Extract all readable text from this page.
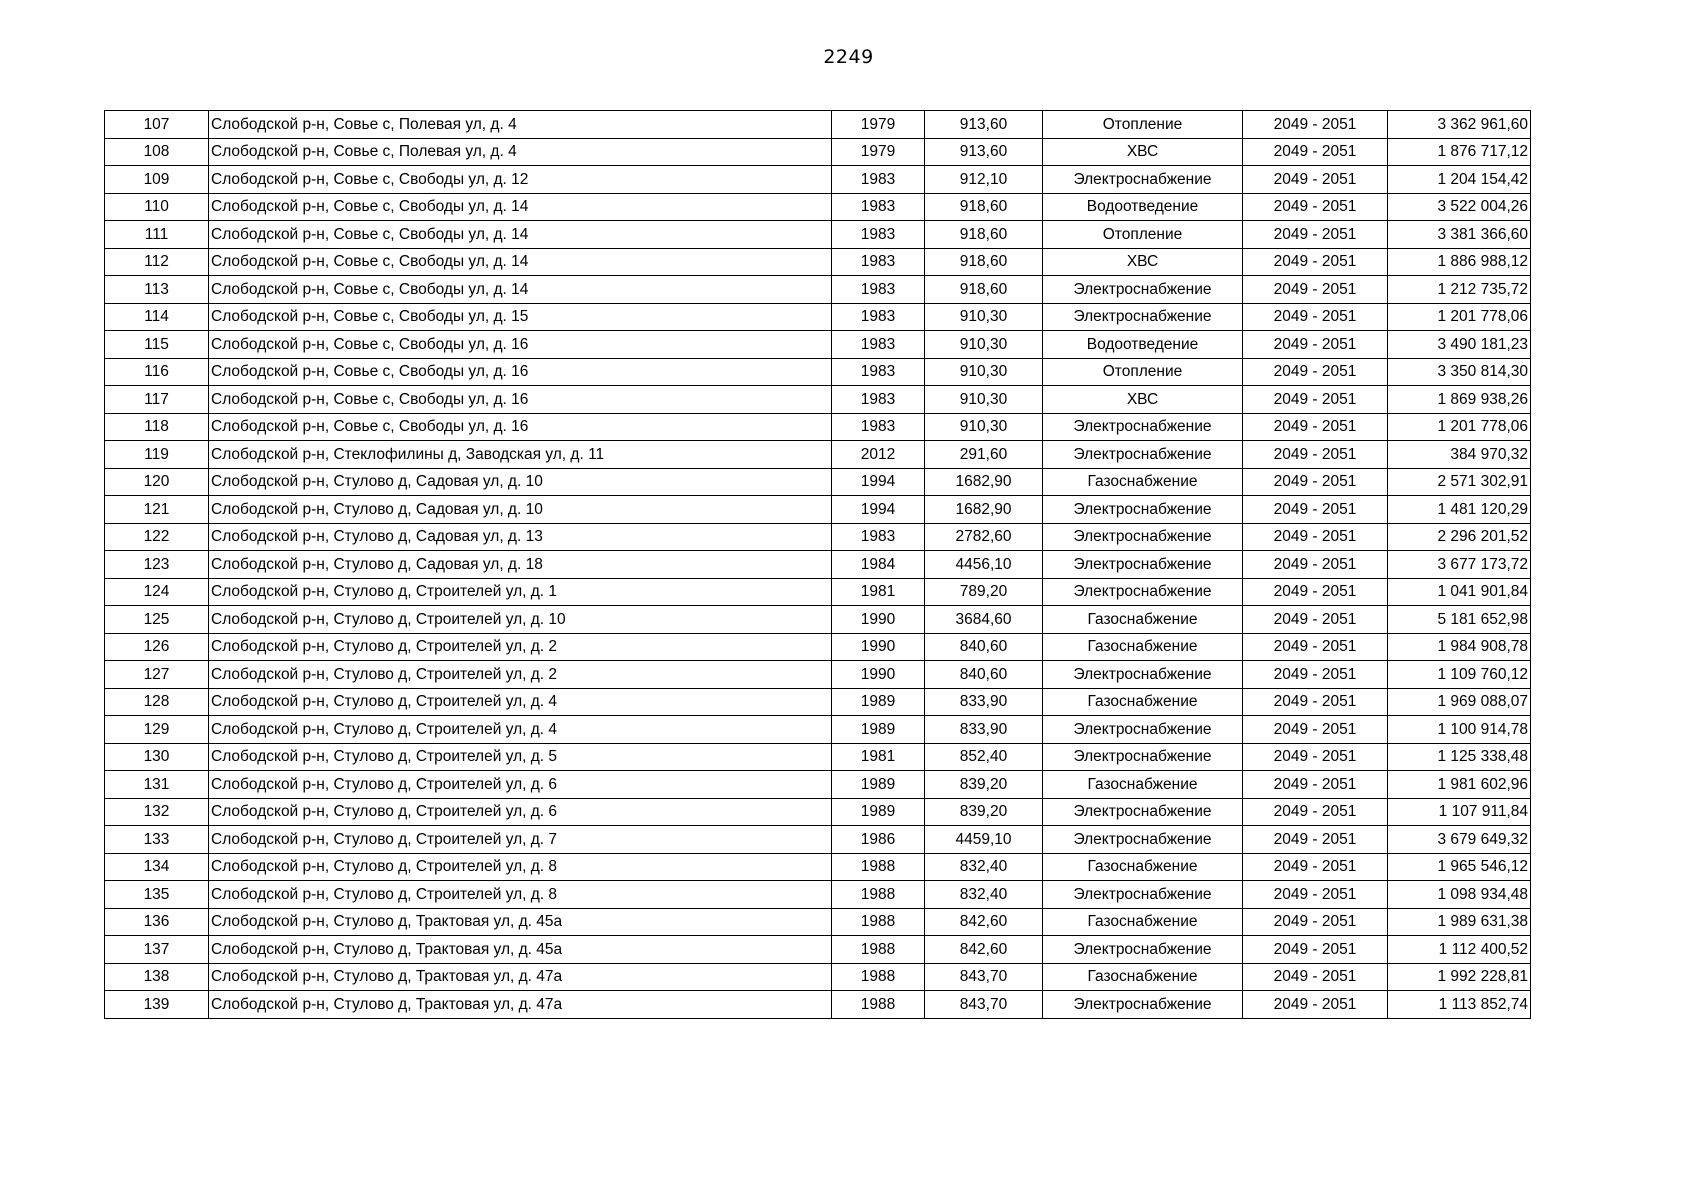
2249
107	Слободской р-н, Совье с, Полевая ул, д. 4	1979	913,60	Отопление	2049 - 2051	3 362 961,60
108	Слободской р-н, Совье с, Полевая ул, д. 4	1979	913,60	ХВС	2049 - 2051	1 876 717,12
109	Слободской р-н, Совье с, Свободы ул, д. 12	1983	912,10	Электроснабжение	2049 - 2051	1 204 154,42
110	Слободской р-н, Совье с, Свободы ул, д. 14	1983	918,60	Водоотведение	2049 - 2051	3 522 004,26
111	Слободской р-н, Совье с, Свободы ул, д. 14	1983	918,60	Отопление	2049 - 2051	3 381 366,60
112	Слободской р-н, Совье с, Свободы ул, д. 14	1983	918,60	ХВС	2049 - 2051	1 886 988,12
113	Слободской р-н, Совье с, Свободы ул, д. 14	1983	918,60	Электроснабжение	2049 - 2051	1 212 735,72
114	Слободской р-н, Совье с, Свободы ул, д. 15	1983	910,30	Электроснабжение	2049 - 2051	1 201 778,06
115	Слободской р-н, Совье с, Свободы ул, д. 16	1983	910,30	Водоотведение	2049 - 2051	3 490 181,23
116	Слободской р-н, Совье с, Свободы ул, д. 16	1983	910,30	Отопление	2049 - 2051	3 350 814,30
117	Слободской р-н, Совье с, Свободы ул, д. 16	1983	910,30	ХВС	2049 - 2051	1 869 938,26
118	Слободской р-н, Совье с, Свободы ул, д. 16	1983	910,30	Электроснабжение	2049 - 2051	1 201 778,06
119	Слободской р-н, Стеклофилины д, Заводская ул, д. 11	2012	291,60	Электроснабжение	2049 - 2051	384 970,32
120	Слободской р-н, Стулово д, Садовая ул, д. 10	1994	1682,90	Газоснабжение	2049 - 2051	2 571 302,91
121	Слободской р-н, Стулово д, Садовая ул, д. 10	1994	1682,90	Электроснабжение	2049 - 2051	1 481 120,29
122	Слободской р-н, Стулово д, Садовая ул, д. 13	1983	2782,60	Электроснабжение	2049 - 2051	2 296 201,52
123	Слободской р-н, Стулово д, Садовая ул, д. 18	1984	4456,10	Электроснабжение	2049 - 2051	3 677 173,72
124	Слободской р-н, Стулово д, Строителей ул, д. 1	1981	789,20	Электроснабжение	2049 - 2051	1 041 901,84
125	Слободской р-н, Стулово д, Строителей ул, д. 10	1990	3684,60	Газоснабжение	2049 - 2051	5 181 652,98
126	Слободской р-н, Стулово д, Строителей ул, д. 2	1990	840,60	Газоснабжение	2049 - 2051	1 984 908,78
127	Слободской р-н, Стулово д, Строителей ул, д. 2	1990	840,60	Электроснабжение	2049 - 2051	1 109 760,12
128	Слободской р-н, Стулово д, Строителей ул, д. 4	1989	833,90	Газоснабжение	2049 - 2051	1 969 088,07
129	Слободской р-н, Стулово д, Строителей ул, д. 4	1989	833,90	Электроснабжение	2049 - 2051	1 100 914,78
130	Слободской р-н, Стулово д, Строителей ул, д. 5	1981	852,40	Электроснабжение	2049 - 2051	1 125 338,48
131	Слободской р-н, Стулово д, Строителей ул, д. 6	1989	839,20	Газоснабжение	2049 - 2051	1 981 602,96
132	Слободской р-н, Стулово д, Строителей ул, д. 6	1989	839,20	Электроснабжение	2049 - 2051	1 107 911,84
133	Слободской р-н, Стулово д, Строителей ул, д. 7	1986	4459,10	Электроснабжение	2049 - 2051	3 679 649,32
134	Слободской р-н, Стулово д, Строителей ул, д. 8	1988	832,40	Газоснабжение	2049 - 2051	1 965 546,12
135	Слободской р-н, Стулово д, Строителей ул, д. 8	1988	832,40	Электроснабжение	2049 - 2051	1 098 934,48
136	Слободской р-н, Стулово д, Трактовая ул, д. 45а	1988	842,60	Газоснабжение	2049 - 2051	1 989 631,38
137	Слободской р-н, Стулово д, Трактовая ул, д. 45а	1988	842,60	Электроснабжение	2049 - 2051	1 112 400,52
138	Слободской р-н, Стулово д, Трактовая ул, д. 47а	1988	843,70	Газоснабжение	2049 - 2051	1 992 228,81
139	Слободской р-н, Стулово д, Трактовая ул, д. 47а	1988	843,70	Электроснабжение	2049 - 2051	1 113 852,74
